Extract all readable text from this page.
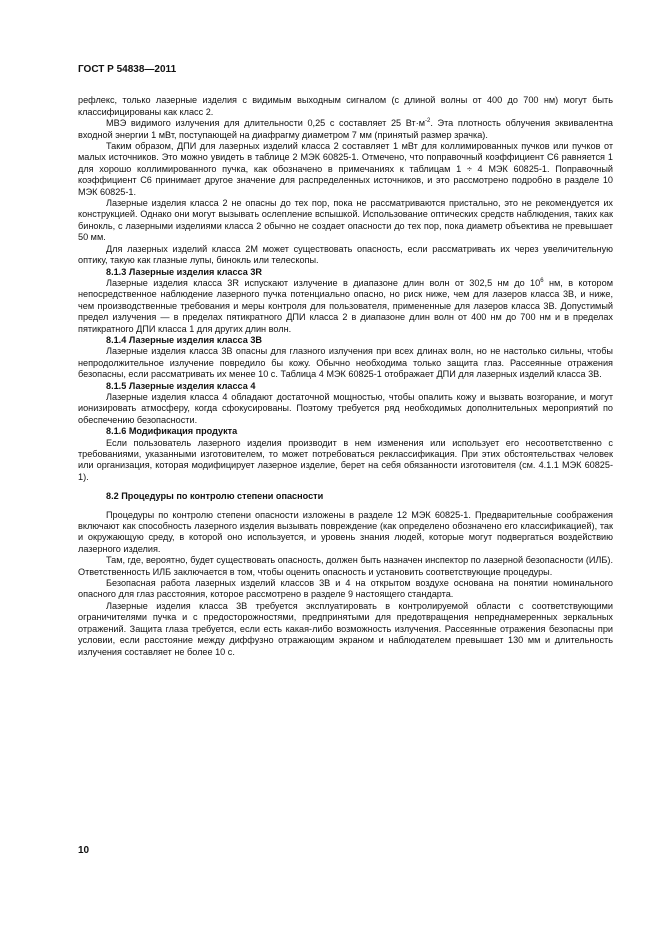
ГОСТ Р 54838—2011

рефлекс, только лазерные изделия с видимым выходным сигналом (с длиной волны от 400 до 700 нм) могут быть классифицированы как класс 2.

МВЭ видимого излучения для длительности 0,25 с составляет 25 $Вт\cdot м^{-2}$. Эта плотность облучения эквивалентна входной энергии 1 мВт, поступающей на диафрагму диаметром 7 мм (принятый размер зрачка).

Таким образом, ДПИ для лазерных изделий класса 2 составляет 1 мВт для коллимированных пучков или пучков от малых источников. Это можно увидеть в таблице 2 МЭК 60825-1. Отмечено, что поправочный коэффициент C6 равняется 1 для хорошо коллимированного пучка, как обозначено в примечаниях к таблицам 1 ÷ 4 МЭК 60825-1. Поправочный коэффициент C6 принимает другое значение для распределенных источников, и это рассмотрено подробно в разделе 10 МЭК 60825-1.

Лазерные изделия класса 2 не опасны до тех пор, пока не рассматриваются пристально, это не рекомендуется их конструкцией. Однако они могут вызывать ослепление вспышкой. Использование оптических средств наблюдения, таких как бинокль, с лазерными изделиями класса 2 обычно не создает опасности до тех пор, пока диаметр объектива не превышает 50 мм.

Для лазерных изделий класса 2M может существовать опасность, если рассматривать их через увеличительную оптику, такую как глазные лупы, бинокль или телескопы.

8.1.3 Лазерные изделия класса 3R

Лазерные изделия класса 3R испускают излучение в диапазоне длин волн от 302,5 нм до $10^6$ нм, в котором непосредственное наблюдение лазерного пучка потенциально опасно, но риск ниже, чем для лазеров класса 3B, и ниже, чем производственные требования и меры контроля для пользователя, примененные для лазеров класса 3B. Допустимый предел излучения — в пределах пятикратного ДПИ класса 2 в диапазоне длин волн от 400 нм до 700 нм и в пределах пятикратного ДПИ класса 1 для других длин волн.

8.1.4 Лазерные изделия класса 3B

Лазерные изделия класса 3B опасны для глазного излучения при всех длинах волн, но не настолько сильны, чтобы непродолжительное излучение повредило бы кожу. Обычно необходима только защита глаз. Рассеянные отражения безопасны, если рассматривать их менее 10 с. Таблица 4 МЭК 60825-1 отображает ДПИ для лазерных изделий класса 3B.

8.1.5 Лазерные изделия класса 4

Лазерные изделия класса 4 обладают достаточной мощностью, чтобы опалить кожу и вызвать возгорание, и могут ионизировать атмосферу, когда сфокусированы. Поэтому требуется ряд необходимых дополнительных мероприятий по обеспечению безопасности.

8.1.6 Модификация продукта

Если пользователь лазерного изделия производит в нем изменения или использует его несоответственно с требованиями, указанными изготовителем, то может потребоваться реклассификация. При этих обстоятельствах человек или организация, которая модифицирует лазерное изделие, берет на себя обязанности изготовителя (см. 4.1.1 МЭК 60825-1).

8.2 Процедуры по контролю степени опасности

Процедуры по контролю степени опасности изложены в разделе 12 МЭК 60825-1. Предварительные соображения включают как способность лазерного изделия вызывать повреждение (как определено обозначено его классификацией), так и окружающую среду, в которой оно используется, и уровень знания людей, которые могут подвергаться воздействию лазерного изделия.

Там, где, вероятно, будет существовать опасность, должен быть назначен инспектор по лазерной безопасности (ИЛБ). Ответственность ИЛБ заключается в том, чтобы оценить опасность и установить соответствующие процедуры.

Безопасная работа лазерных изделий классов 3B и 4 на открытом воздухе основана на понятии номинального опасного для глаз расстояния, которое рассмотрено в разделе 9 настоящего стандарта.

Лазерные изделия класса 3B требуется эксплуатировать в контролируемой области с соответствующими ограничителями пучка и с предосторожностями, предпринятыми для предотвращения непреднамеренных зеркальных отражений. Защита глаза требуется, если есть какая-либо возможность излучения. Рассеянные отражения безопасны при условии, если расстояние между диффузно отражающим экраном и наблюдателем превышает 130 мм и длительность излучения составляет не более 10 с.

10
